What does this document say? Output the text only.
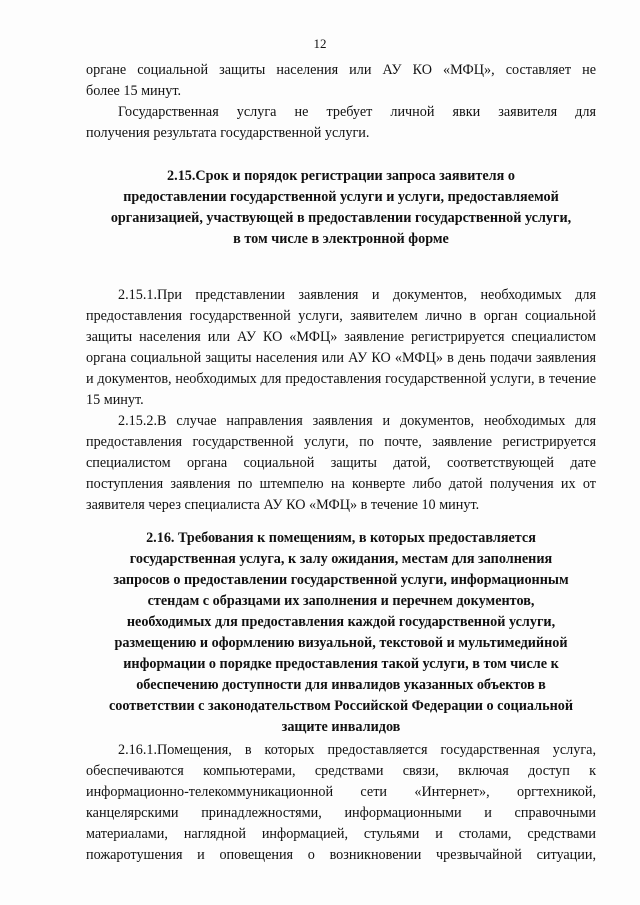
12

органе социальной защиты населения или АУ КО «МФЦ», составляет не

более 15 минут.

Государственная услуга не требует личной явки заявителя для

получения результата государственной услуги.

2.15.Срок и порядок регистрации запроса заявителя о

предоставлении государственной услуги и услуги, предоставляемой

организацией, участвующей в предоставлении государственной услуги,

в том числе в электронной форме

2.15.1.При представлении заявления и документов, необходимых для предоставления государственной услуги, заявителем лично в орган социальной защиты населения или АУ КО «МФЦ» заявление регистрируется специалистом органа социальной защиты населения или АУ КО «МФЦ» в день подачи заявления и документов, необходимых для предоставления государственной услуги, в течение 15 минут.

2.15.2.В случае направления заявления и документов, необходимых для предоставления государственной услуги, по почте, заявление регистрируется специалистом органа социальной защиты датой, соответствующей дате поступления заявления по штемпелю на конверте либо датой получения их от заявителя через специалиста АУ КО «МФЦ» в течение 10 минут.

2.16. Требования к помещениям, в которых предоставляется

государственная услуга, к залу ожидания, местам для заполнения

запросов о предоставлении государственной услуги, информационным

стендам с образцами их заполнения и перечнем документов,

необходимых для предоставления каждой государственной услуги,

размещению и оформлению визуальной, текстовой и мультимедийной

информации о порядке предоставления такой услуги, в том числе к

обеспечению доступности для инвалидов указанных объектов в

соответствии с законодательством Российской Федерации о социальной

защите инвалидов

2.16.1.Помещения, в которых предоставляется государственная услуга, обеспечиваются компьютерами, средствами связи, включая доступ к информационно-телекоммуникационной сети «Интернет», оргтехникой, канцелярскими принадлежностями, информационными и справочными материалами, наглядной информацией, стульями и столами, средствами пожаротушения и оповещения о возникновении чрезвычайной ситуации,
